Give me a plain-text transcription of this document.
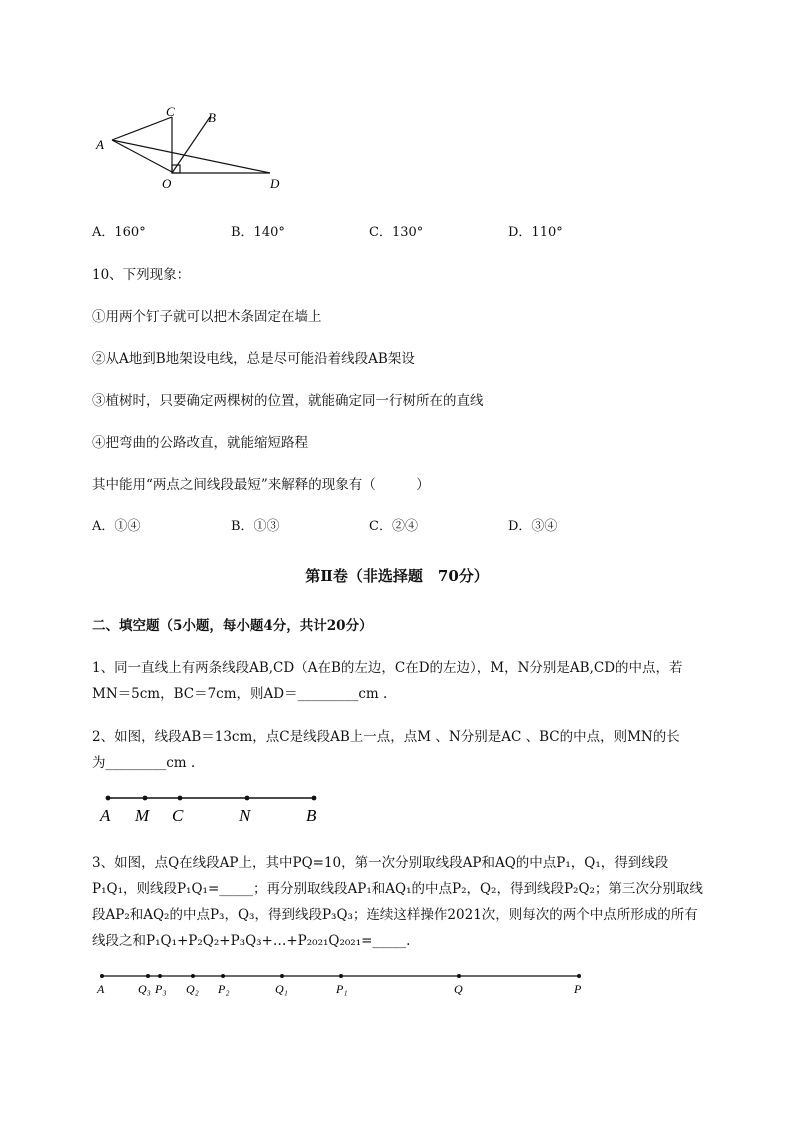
A
C	B
O	D
A．160°	B．140°	C．130°	D．110°
10、下列现象：
①用两个钉子就可以把木条固定在墙上
②从A地到B地架设电线，总是尽可能沿着线段AB架设
③植树时，只要确定两棵树的位置，就能确定同一行树所在的直线
④把弯曲的公路改直，就能缩短路程
其中能用“两点之间线段最短”来解释的现象有（　　　）
A．①④	B．①③	C．②④	D．③④
第Ⅱ卷（非选择题　70分）
二、填空题（5小题，每小题4分，共计20分）
1、同一直线上有两条线段AB,CD（A在B的左边，C在D的左边），M，N分别是AB,CD的中点，若
MN＝5cm，BC＝7cm，则AD＝_________cm .
2、如图，线段AB＝13cm，点C是线段AB上一点，点M 、N分别是AC 、BC的中点，则MN的长
为_________cm .
A M C	N	B
3、如图，点Q在线段AP上，其中PQ=10，第一次分别取线段AP和AQ的中点P₁，Q₁，得到线段
P₁Q₁，则线段P₁Q₁=_____；再分别取线段AP₁和AQ₁的中点P₂，Q₂，得到线段P₂Q₂；第三次分别取线
段AP₂和AQ₂的中点P₃，Q₃，得到线段P₃Q₃；连续这样操作2021次，则每次的两个中点所形成的所有
线段之和P₁Q₁+P₂Q₂+P₃Q₃+…+P₂₀₂₁Q₂₀₂₁=_____.
A	Q₃ P₃ Q₂ P₂	Q₁	P₁	Q	P
